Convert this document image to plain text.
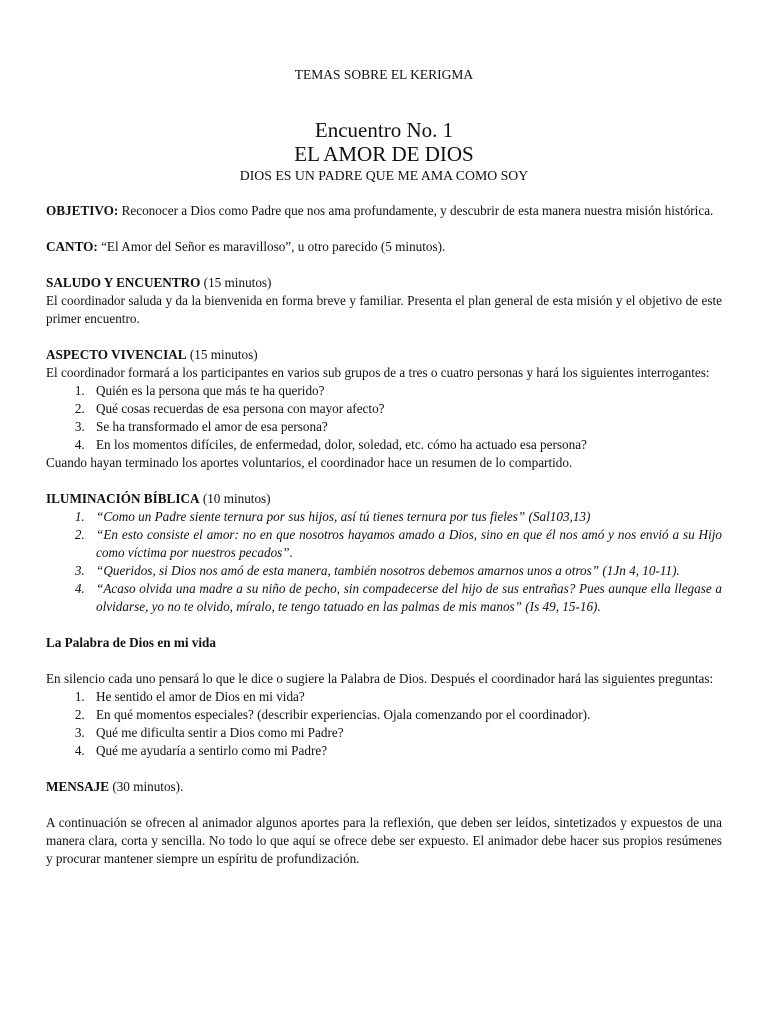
TEMAS SOBRE EL KERIGMA

Encuentro No. 1
EL AMOR DE DIOS
DIOS ES UN PADRE QUE ME AMA COMO SOY

OBJETIVO: Reconocer a Dios como Padre que nos ama profundamente, y descubrir de esta manera nuestra misión histórica.

CANTO: “El Amor del Señor es maravilloso”, u otro parecido (5 minutos).

SALUDO Y ENCUENTRO (15 minutos)

El coordinador saluda y da la bienvenida en forma breve y familiar. Presenta el plan general de esta misión y el objetivo de este primer encuentro.

ASPECTO VIVENCIAL (15 minutos)

El coordinador formará a los participantes en varios sub grupos de a tres o cuatro personas y hará los siguientes interrogantes:

1. Quién es la persona que más te ha querido?
2. Qué cosas recuerdas de esa persona con mayor afecto?
3. Se ha transformado el amor de esa persona?
4. En los momentos difíciles, de enfermedad, dolor, soledad, etc. cómo ha actuado esa persona?

Cuando hayan terminado los aportes voluntarios, el coordinador hace un resumen de lo compartido.

ILUMINACIÓN BÍBLICA (10 minutos)

1. “Como un Padre siente ternura por sus hijos, así tú tienes ternura por tus fieles” (Sal103,13)
2. “En esto consiste el amor: no en que nosotros hayamos amado a Dios, sino en que él nos amó y nos envió a su Hijo como víctima por nuestros pecados”.
3. “Queridos, si Dios nos amó de esta manera, también nosotros debemos amarnos unos a otros” (1Jn 4, 10-11).
4. “Acaso olvida una madre a su niño de pecho, sin compadecerse del hijo de sus entrañas? Pues aunque ella llegase a olvidarse, yo no te olvido, míralo, te tengo tatuado en las palmas de mis manos” (Is 49, 15-16).

La Palabra de Dios en mi vida

En silencio cada uno pensará lo que le dice o sugiere la Palabra de Dios. Después el coordinador hará las siguientes preguntas:

1. He sentido el amor de Dios en mi vida?
2. En qué momentos especiales? (describir experiencias. Ojala comenzando por el coordinador).
3. Qué me dificulta sentir a Dios como mi Padre?
4. Qué me ayudaría a sentirlo como mi Padre?

MENSAJE (30 minutos).

A continuación se ofrecen al animador algunos aportes para la reflexión, que deben ser leídos, sintetizados y expuestos de una manera clara, corta y sencilla. No todo lo que aquí se ofrece debe ser expuesto. El animador debe hacer sus propios resúmenes y procurar mantener siempre un espíritu de profundización.
